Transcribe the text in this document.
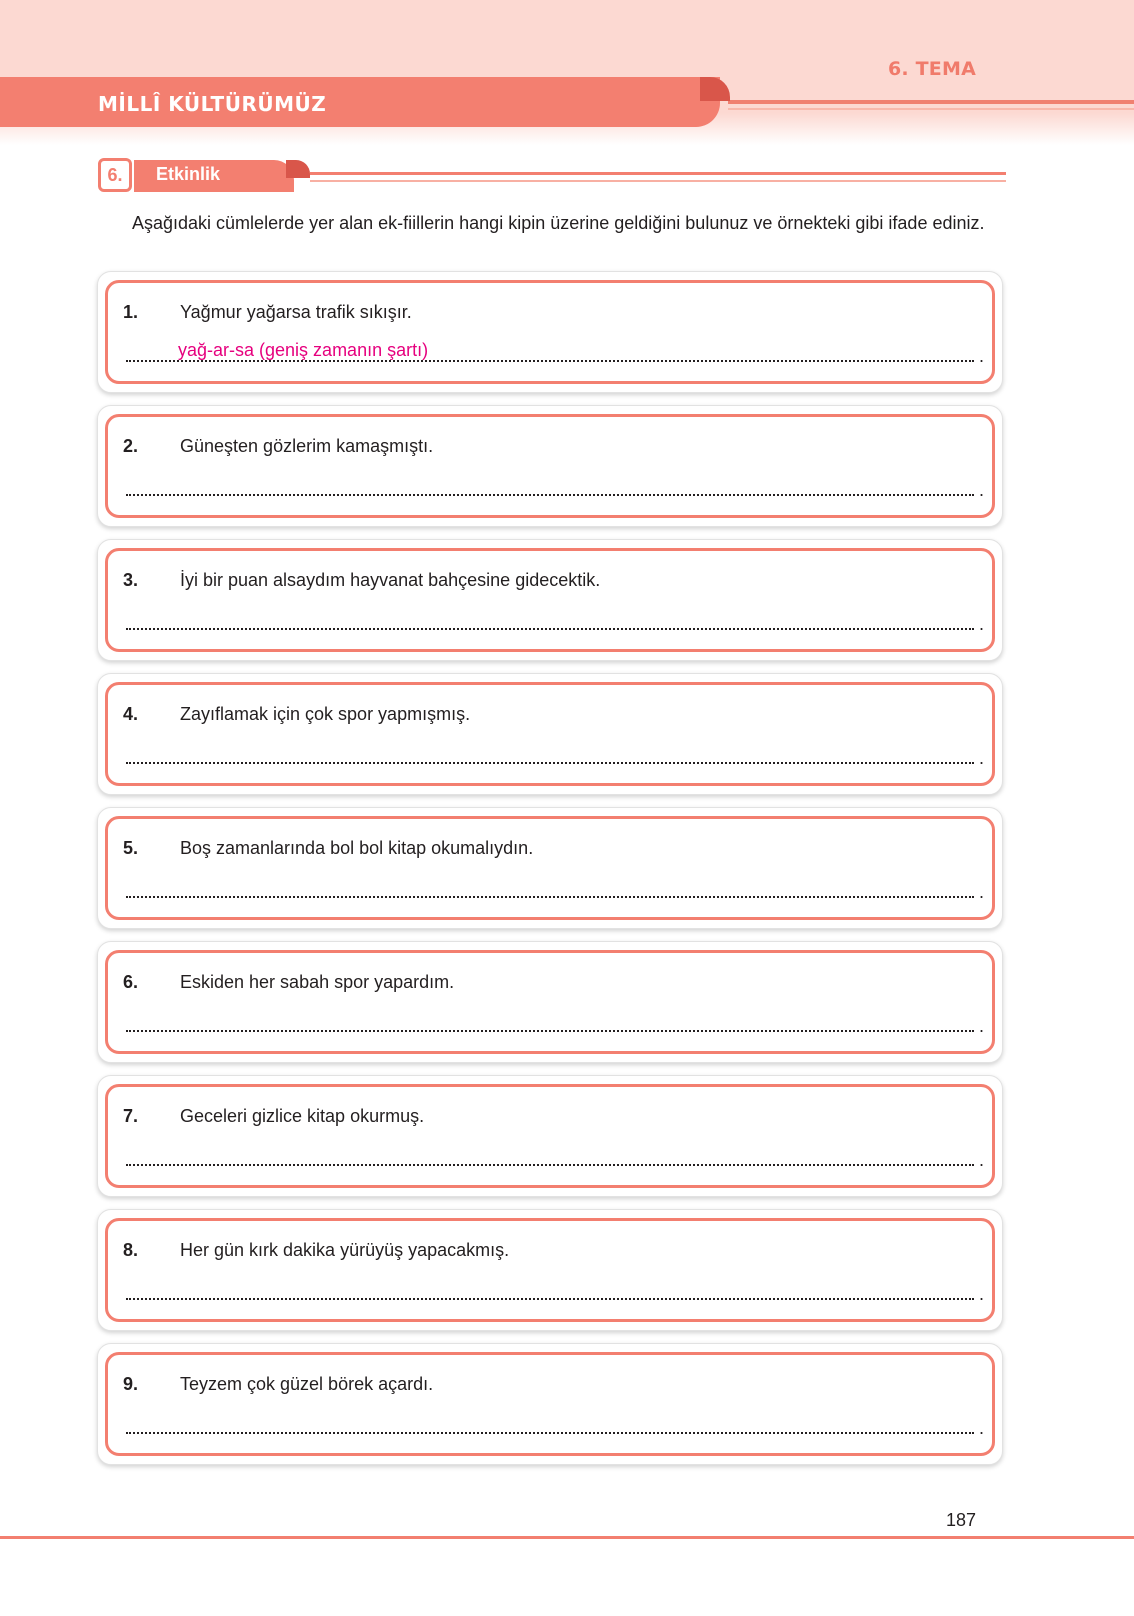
6. TEMA
MİLLÎ KÜLTÜRÜMÜZ
6.	Etkinlik
Aşağıdaki cümlelerde yer alan ek-fiillerin hangi kipin üzerine geldiğini bulunuz ve örnekteki gibi ifade ediniz.
1. Yağmur yağarsa trafik sıkışır.
yağ-ar-sa (geniş zamanın şartı)	.
2. Güneşten gözlerim kamaşmıştı.
.
3. İyi bir puan alsaydım hayvanat bahçesine gidecektik.
.
4. Zayıflamak için çok spor yapmışmış.
.
5. Boş zamanlarında bol bol kitap okumalıydın.
.
6. Eskiden her sabah spor yapardım.
.
7. Geceleri gizlice kitap okurmuş.
.
8. Her gün kırk dakika yürüyüş yapacakmış.
.
9. Teyzem çok güzel börek açardı.
.
187
